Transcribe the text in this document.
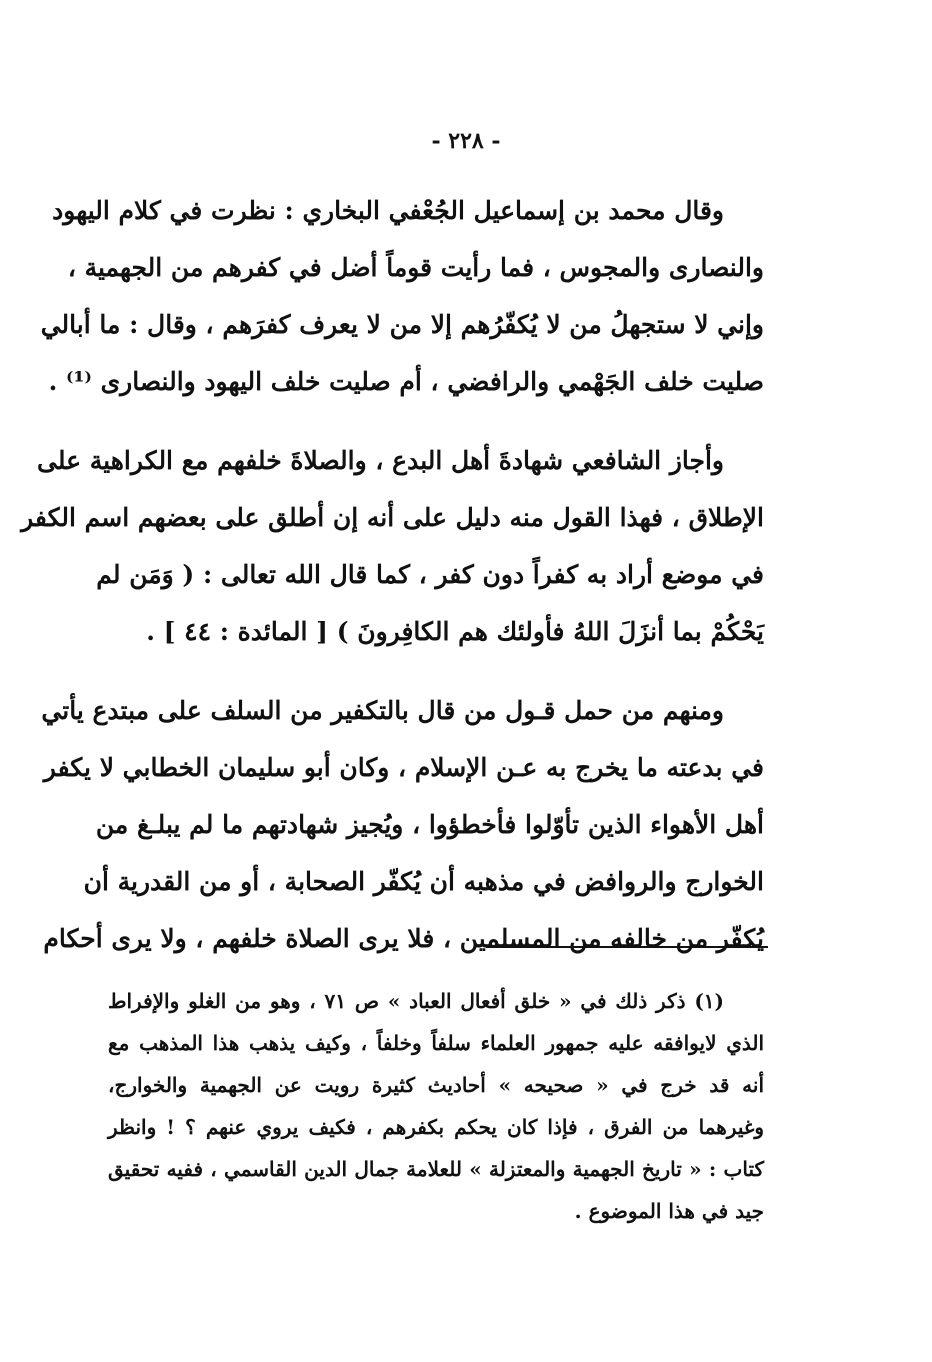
- ٢٢٨ -
وقال محمد بن إسماعيل الجُعْفي البخاري : نظرت في كلام اليهود
والنصارى والمجوس ، فما رأيت قوماً أضل في كفرهم من الجهمية ،
وإني لا ستجهلُ من لا يُكفّرُهم إلا من لا يعرف كفرَهم ، وقال : ما أبالي
صليت خلف الجَهْمي والرافضي ، أم صليت خلف اليهود والنصارى ⁽¹⁾ .
وأجاز الشافعي شهادةَ أهل البدع ، والصلاةَ خلفهم مع الكراهية على
الإطلاق ، فهذا القول منه دليل على أنه إن أطلق على بعضهم اسم الكفر
في موضع أراد به كفراً دون كفر ، كما قال الله تعالى : ( وَمَن لم
يَحْكُمْ بما أنزَلَ اللهُ فأولئك هم الكافِرونَ ) [ المائدة : ٤٤ ] .
ومنهم من حمل قـول من قال بالتكفير من السلف على مبتدع يأتي
في بدعته ما يخرج به عـن الإسلام ، وكان أبو سليمان الخطابي لا يكفر
أهل الأهواء الذين تأوّلوا فأخطؤوا ، ويُجيز شهادتهم ما لم يبلـغ من
الخوارج والروافض في مذهبه أن يُكفّر الصحابة ، أو من القدرية أن
يُكفّر من خالفه من المسلمين ، فلا يرى الصلاة خلفهم ، ولا يرى أحكام
(١) ذكر ذلك في « خلق أفعال العباد » ص ٧١ ، وهو من الغلو والإفراط
الذي لايوافقه عليه جمهور العلماء سلفاً وخلفاً ، وكيف يذهب هذا المذهب مع
أنه قد خرج في « صحيحه » أحاديث كثيرة رويت عن الجهمية والخوارج،
وغيرهما من الفرق ، فإذا كان يحكم بكفرهم ، فكيف يروي عنهم ؟ ! وانظر
كتاب : « تاريخ الجهمية والمعتزلة » للعلامة جمال الدين القاسمي ، ففيه تحقيق
جيد في هذا الموضوع .
